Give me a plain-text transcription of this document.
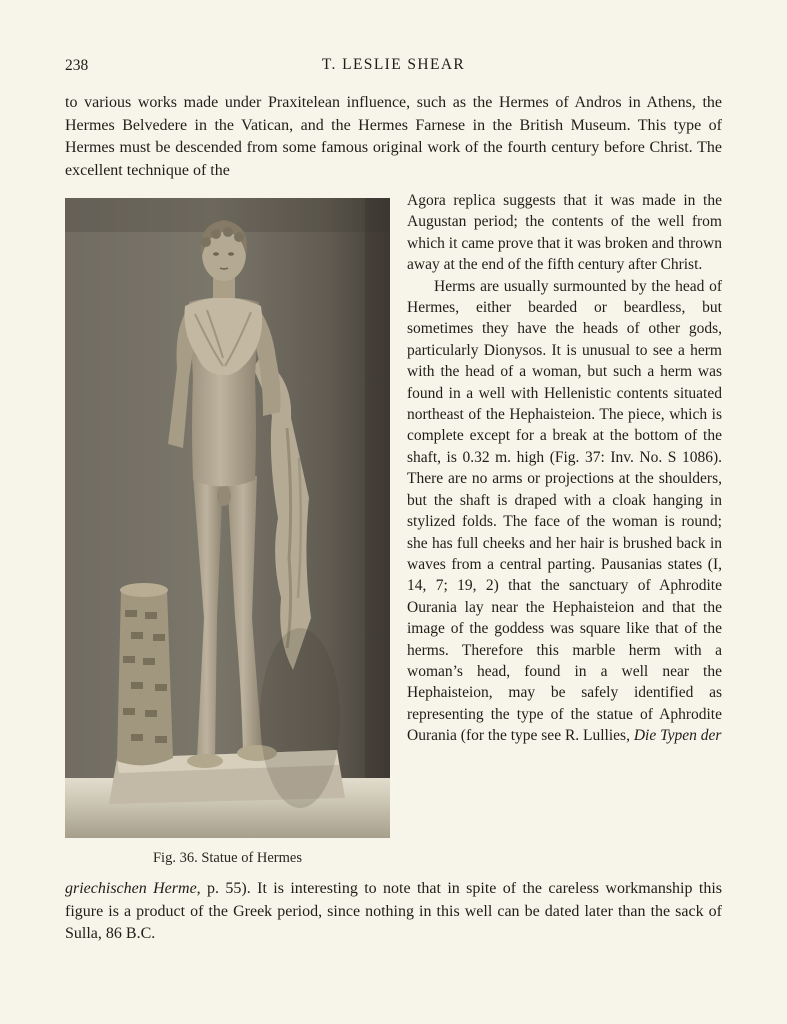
238	T. LESLIE SHEAR

to various works made under Praxitelean influence, such as the Hermes of Andros in Athens, the Hermes Belvedere in the Vatican, and the Hermes Farnese in the British Museum. This type of Hermes must be descended from some famous original work of the fourth century before Christ. The excellent technique of the

Fig. 36. Statue of Hermes

Agora replica suggests that it was made in the Augustan period; the contents of the well from which it came prove that it was broken and thrown away at the end of the fifth century after Christ.

Herms are usually surmounted by the head of Hermes, either bearded or beardless, but sometimes they have the heads of other gods, particularly Dionysos. It is unusual to see a herm with the head of a woman, but such a herm was found in a well with Hellenistic contents situated northeast of the Hephaisteion. The piece, which is complete except for a break at the bottom of the shaft, is 0.32 m. high (Fig. 37: Inv. No. S 1086). There are no arms or projections at the shoulders, but the shaft is draped with a cloak hanging in stylized folds. The face of the woman is round; she has full cheeks and her hair is brushed back in waves from a central parting. Pausanias states (I, 14, 7; 19, 2) that the sanctuary of Aphrodite Ourania lay near the Hephaisteion and that the image of the goddess was square like that of the herms. Therefore this marble herm with a woman’s head, found in a well near the Hephaisteion, may be safely identified as representing the type of the statue of Aphrodite Ourania (for the type see R. Lullies, Die Typen der

griechischen Herme, p. 55). It is interesting to note that in spite of the careless workmanship this figure is a product of the Greek period, since nothing in this well can be dated later than the sack of Sulla, 86 B.C.
